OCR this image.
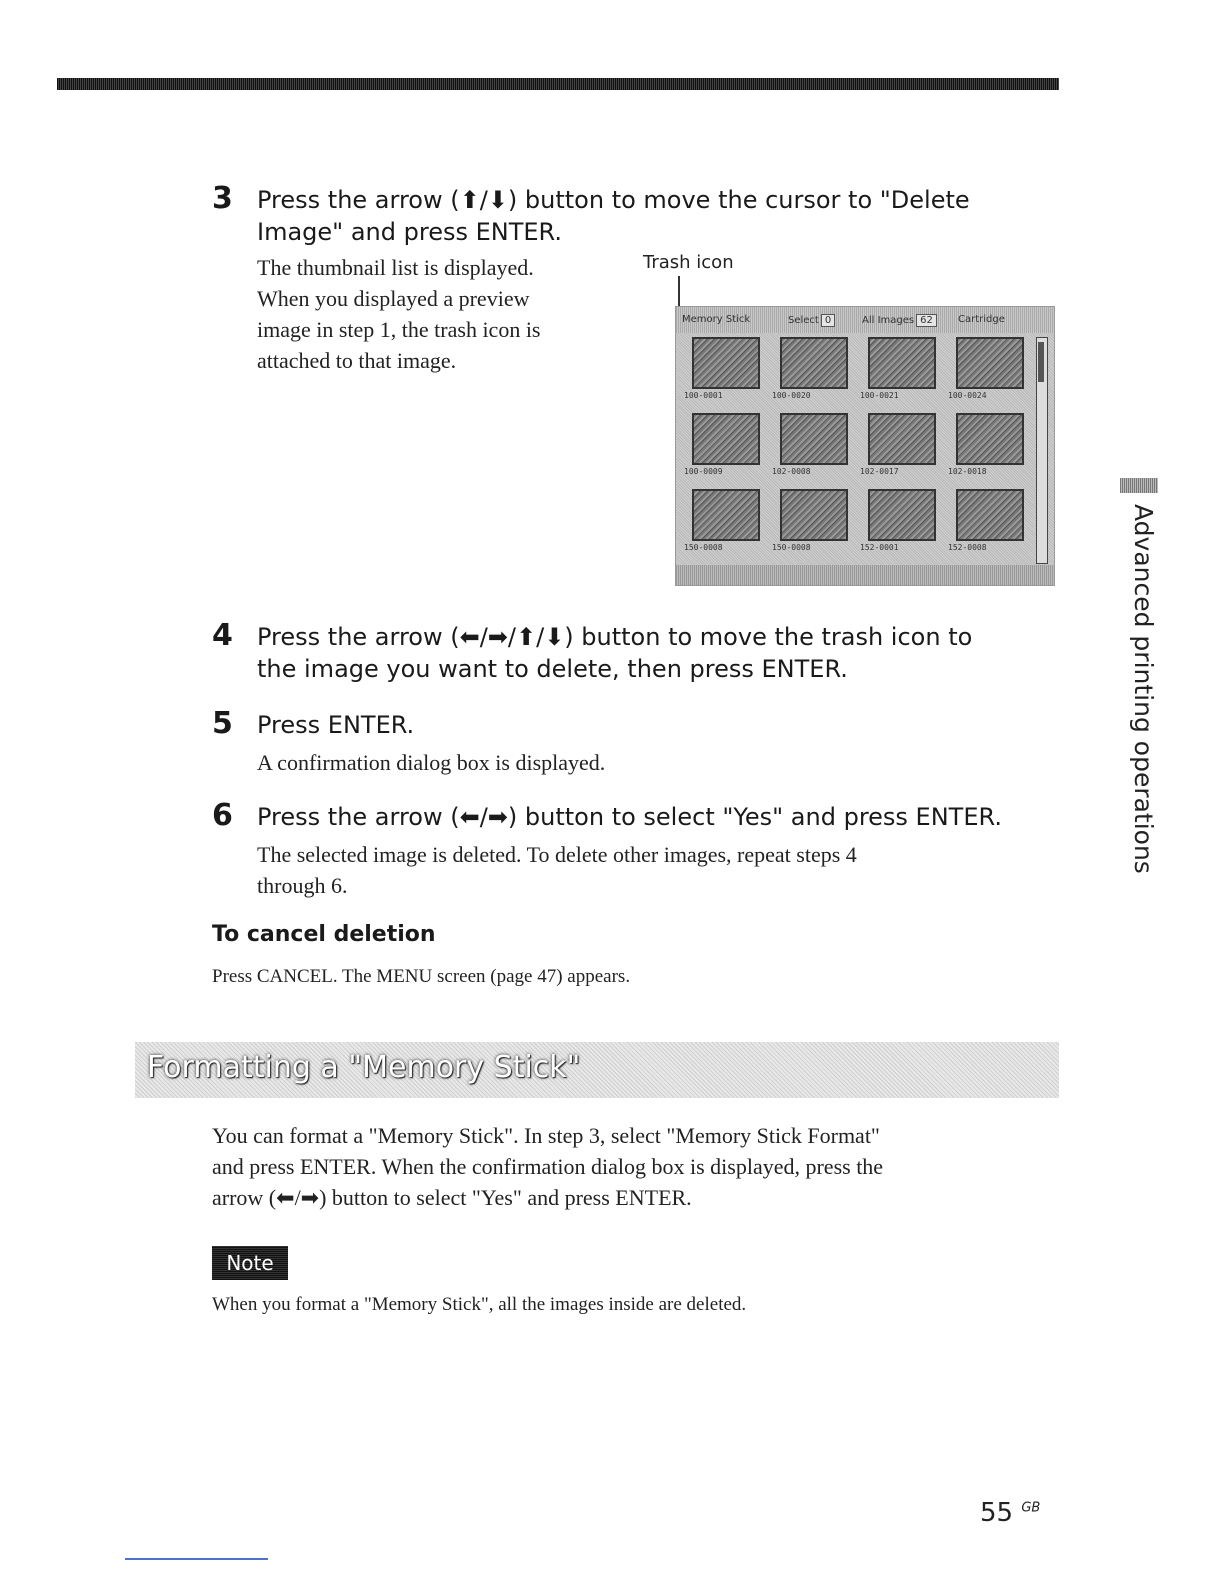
3 Press the arrow (⬆/⬇) button to move the cursor to "Delete
Image" and press ENTER.
The thumbnail list is displayed.
When you displayed a preview
image in step 1, the trash icon is
attached to that image.
Trash icon
Memory Stick	Select 0	All Images 62	Cartridge
100-0001	100-0020	100-0021	100-0024
100-0009	102-0008	102-0017	102-0018
150-0008	150-0008	152-0001	152-0008
4 Press the arrow (⬅/➡/⬆/⬇) button to move the trash icon to
the image you want to delete, then press ENTER.
5 Press ENTER.
A confirmation dialog box is displayed.
6 Press the arrow (⬅/➡) button to select "Yes" and press ENTER.
The selected image is deleted. To delete other images, repeat steps 4
through 6.
To cancel deletion
Press CANCEL. The MENU screen (page 47) appears.
Formatting a "Memory Stick"
You can format a "Memory Stick". In step 3, select "Memory Stick Format"
and press ENTER. When the confirmation dialog box is displayed, press the
arrow (⬅/➡) button to select "Yes" and press ENTER.
Note
When you format a "Memory Stick", all the images inside are deleted.
Advanced printing operations
55 $^{GB}$
